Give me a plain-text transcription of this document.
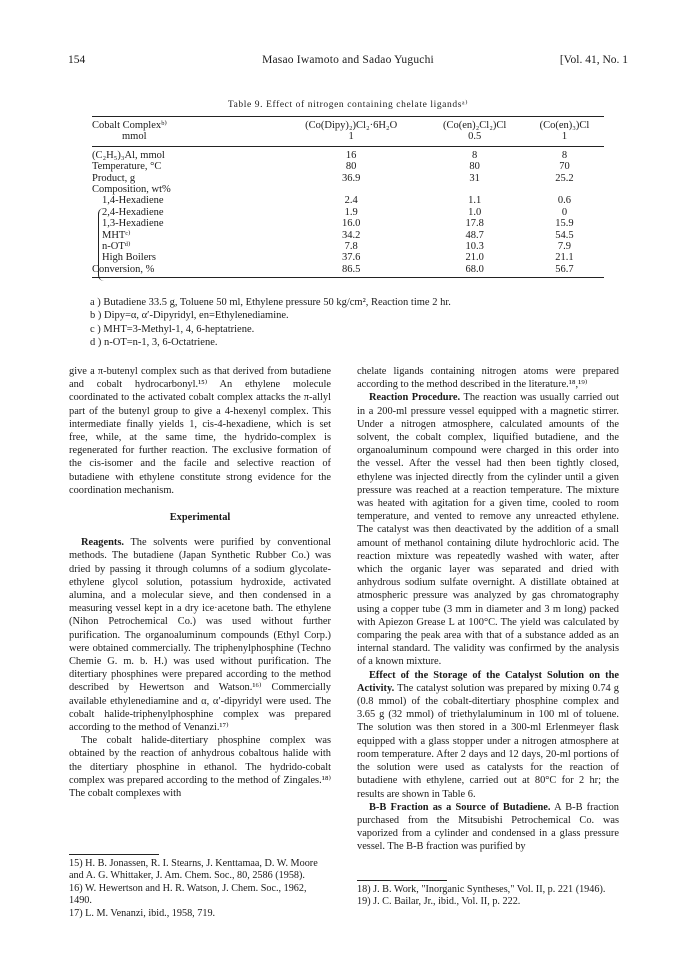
154	Masao Iwamoto and Sadao Yuguchi	[Vol. 41, No. 1
Table 9. Effect of nitrogen containing chelate ligandsᵃ⁾
Cobalt Complexᵇ⁾	(Co(Dipy)₂)Cl₂·6H₂O	(Co(en)₂Cl₂)Cl	(Co(en)₃)Cl
mmol	1	0.5	1
(C₂H₅)₃Al, mmol	16	8	8
Temperature, °C	80	80	70
Product, g	36.9	31	25.2
Composition, wt%			
1,4-Hexadiene	2.4	1.1	0.6
2,4-Hexadiene	1.9	1.0	0
1,3-Hexadiene	16.0	17.8	15.9
MHTᶜ⁾	34.2	48.7	54.5
n-OTᵈ⁾	7.8	10.3	7.9
High Boilers	37.6	21.0	21.1
Conversion, %	86.5	68.0	56.7
a ) Butadiene 33.5 g, Toluene 50 ml, Ethylene pressure 50 kg/cm², Reaction time 2 hr.
b ) Dipy=α, α′-Dipyridyl, en=Ethylenediamine.
c ) MHT=3-Methyl-1, 4, 6-heptatriene.
d ) n-OT=n-1, 3, 6-Octatriene.

give a π-butenyl complex such as that derived from butadiene and cobalt hydrocarbonyl.¹⁵⁾ An ethylene molecule coordinated to the activated cobalt complex attacks the π-allyl part of the butenyl group to give a 4-hexenyl complex. This intermediate finally yields 1, cis-4-hexadiene, which is set free, while, at the same time, the hydrido-complex is regenerated for further reaction. The exclusive formation of the cis-isomer and the facile and selective reaction of butadiene with ethylene constitute strong evidence for the coordination mechanism.

Experimental

Reagents. The solvents were purified by conventional methods. The butadiene (Japan Synthetic Rubber Co.) was dried by passing it through columns of a sodium glycolate-ethylene glycol solution, potassium hydroxide, activated alumina, and a molecular sieve, and then condensed in a measuring vessel kept in a dry ice·acetone bath. The ethylene (Nihon Petrochemical Co.) was used without further purification. The organoaluminum compounds (Ethyl Corp.) were obtained commercially. The triphenylphosphine (Techno Chemie G. m. b. H.) was used without purification. The ditertiary phosphines were prepared according to the method described by Hewertson and Watson.¹⁶⁾ Commercially available ethylenediamine and α, α′-dipyridyl were used. The cobalt halide-triphenylphosphine complex was prepared according to the method of Venanzi.¹⁷⁾

The cobalt halide-ditertiary phosphine complex was obtained by the reaction of anhydrous cobaltous halide with the ditertiary phosphine in ethanol. The hydrido-cobalt complex was prepared according to the method of Zingales.¹⁸⁾ The cobalt complexes with

15) H. B. Jonassen, R. I. Stearns, J. Kenttamaa, D. W. Moore and A. G. Whittaker, J. Am. Chem. Soc., 80, 2586 (1958).
16) W. Hewertson and H. R. Watson, J. Chem. Soc., 1962, 1490.
17) L. M. Venanzi, ibid., 1958, 719.

chelate ligands containing nitrogen atoms were prepared according to the method described in the literature.¹⁸,¹⁹⁾

Reaction Procedure. The reaction was usually carried out in a 200-ml pressure vessel equipped with a magnetic stirrer. Under a nitrogen atmosphere, calculated amounts of the solvent, the cobalt complex, liquified butadiene, and the organoaluminum compound were charged in this order into the vessel. After the vessel had then been tightly closed, ethylene was injected directly from the cylinder until a given pressure was reached at a reaction temperature. The mixture was heated with agitation for a given time, cooled to room temperature, and vented to remove any unreacted ethylene. The catalyst was then deactivated by the addition of a small amount of methanol containing dilute hydrochloric acid. The reaction mixture was repeatedly washed with water, after which the organic layer was separated and dried with anhydrous sodium sulfate overnight. A distillate obtained at atmospheric pressure was analyzed by gas chromatography using a copper tube (3 mm in diameter and 3 m long) packed with Apiezon Grease L at 100°C. The yield was calculated by comparing the peak area with that of a substance added as an internal standard. The validity was confirmed by the analysis of a known mixture.

Effect of the Storage of the Catalyst Solution on the Activity. The catalyst solution was prepared by mixing 0.74 g (0.8 mmol) of the cobalt-ditertiary phosphine complex and 3.65 g (32 mmol) of triethylaluminum in 100 ml of toluene. The solution was then stored in a 300-ml Erlenmeyer flask equipped with a glass stopper under a nitrogen atmosphere at room temperature. After 2 days and 12 days, 20-ml portions of the solution were used as catalysts for the reaction of butadiene with ethylene, carried out at 80°C for 2 hr; the results are shown in Table 6.

B-B Fraction as a Source of Butadiene. A B-B fraction purchased from the Mitsubishi Petrochemical Co. was vaporized from a cylinder and condensed in a glass pressure vessel. The B-B fraction was purified by

18) J. B. Work, "Inorganic Syntheses," Vol. II, p. 221 (1946).
19) J. C. Bailar, Jr., ibid., Vol. II, p. 222.
